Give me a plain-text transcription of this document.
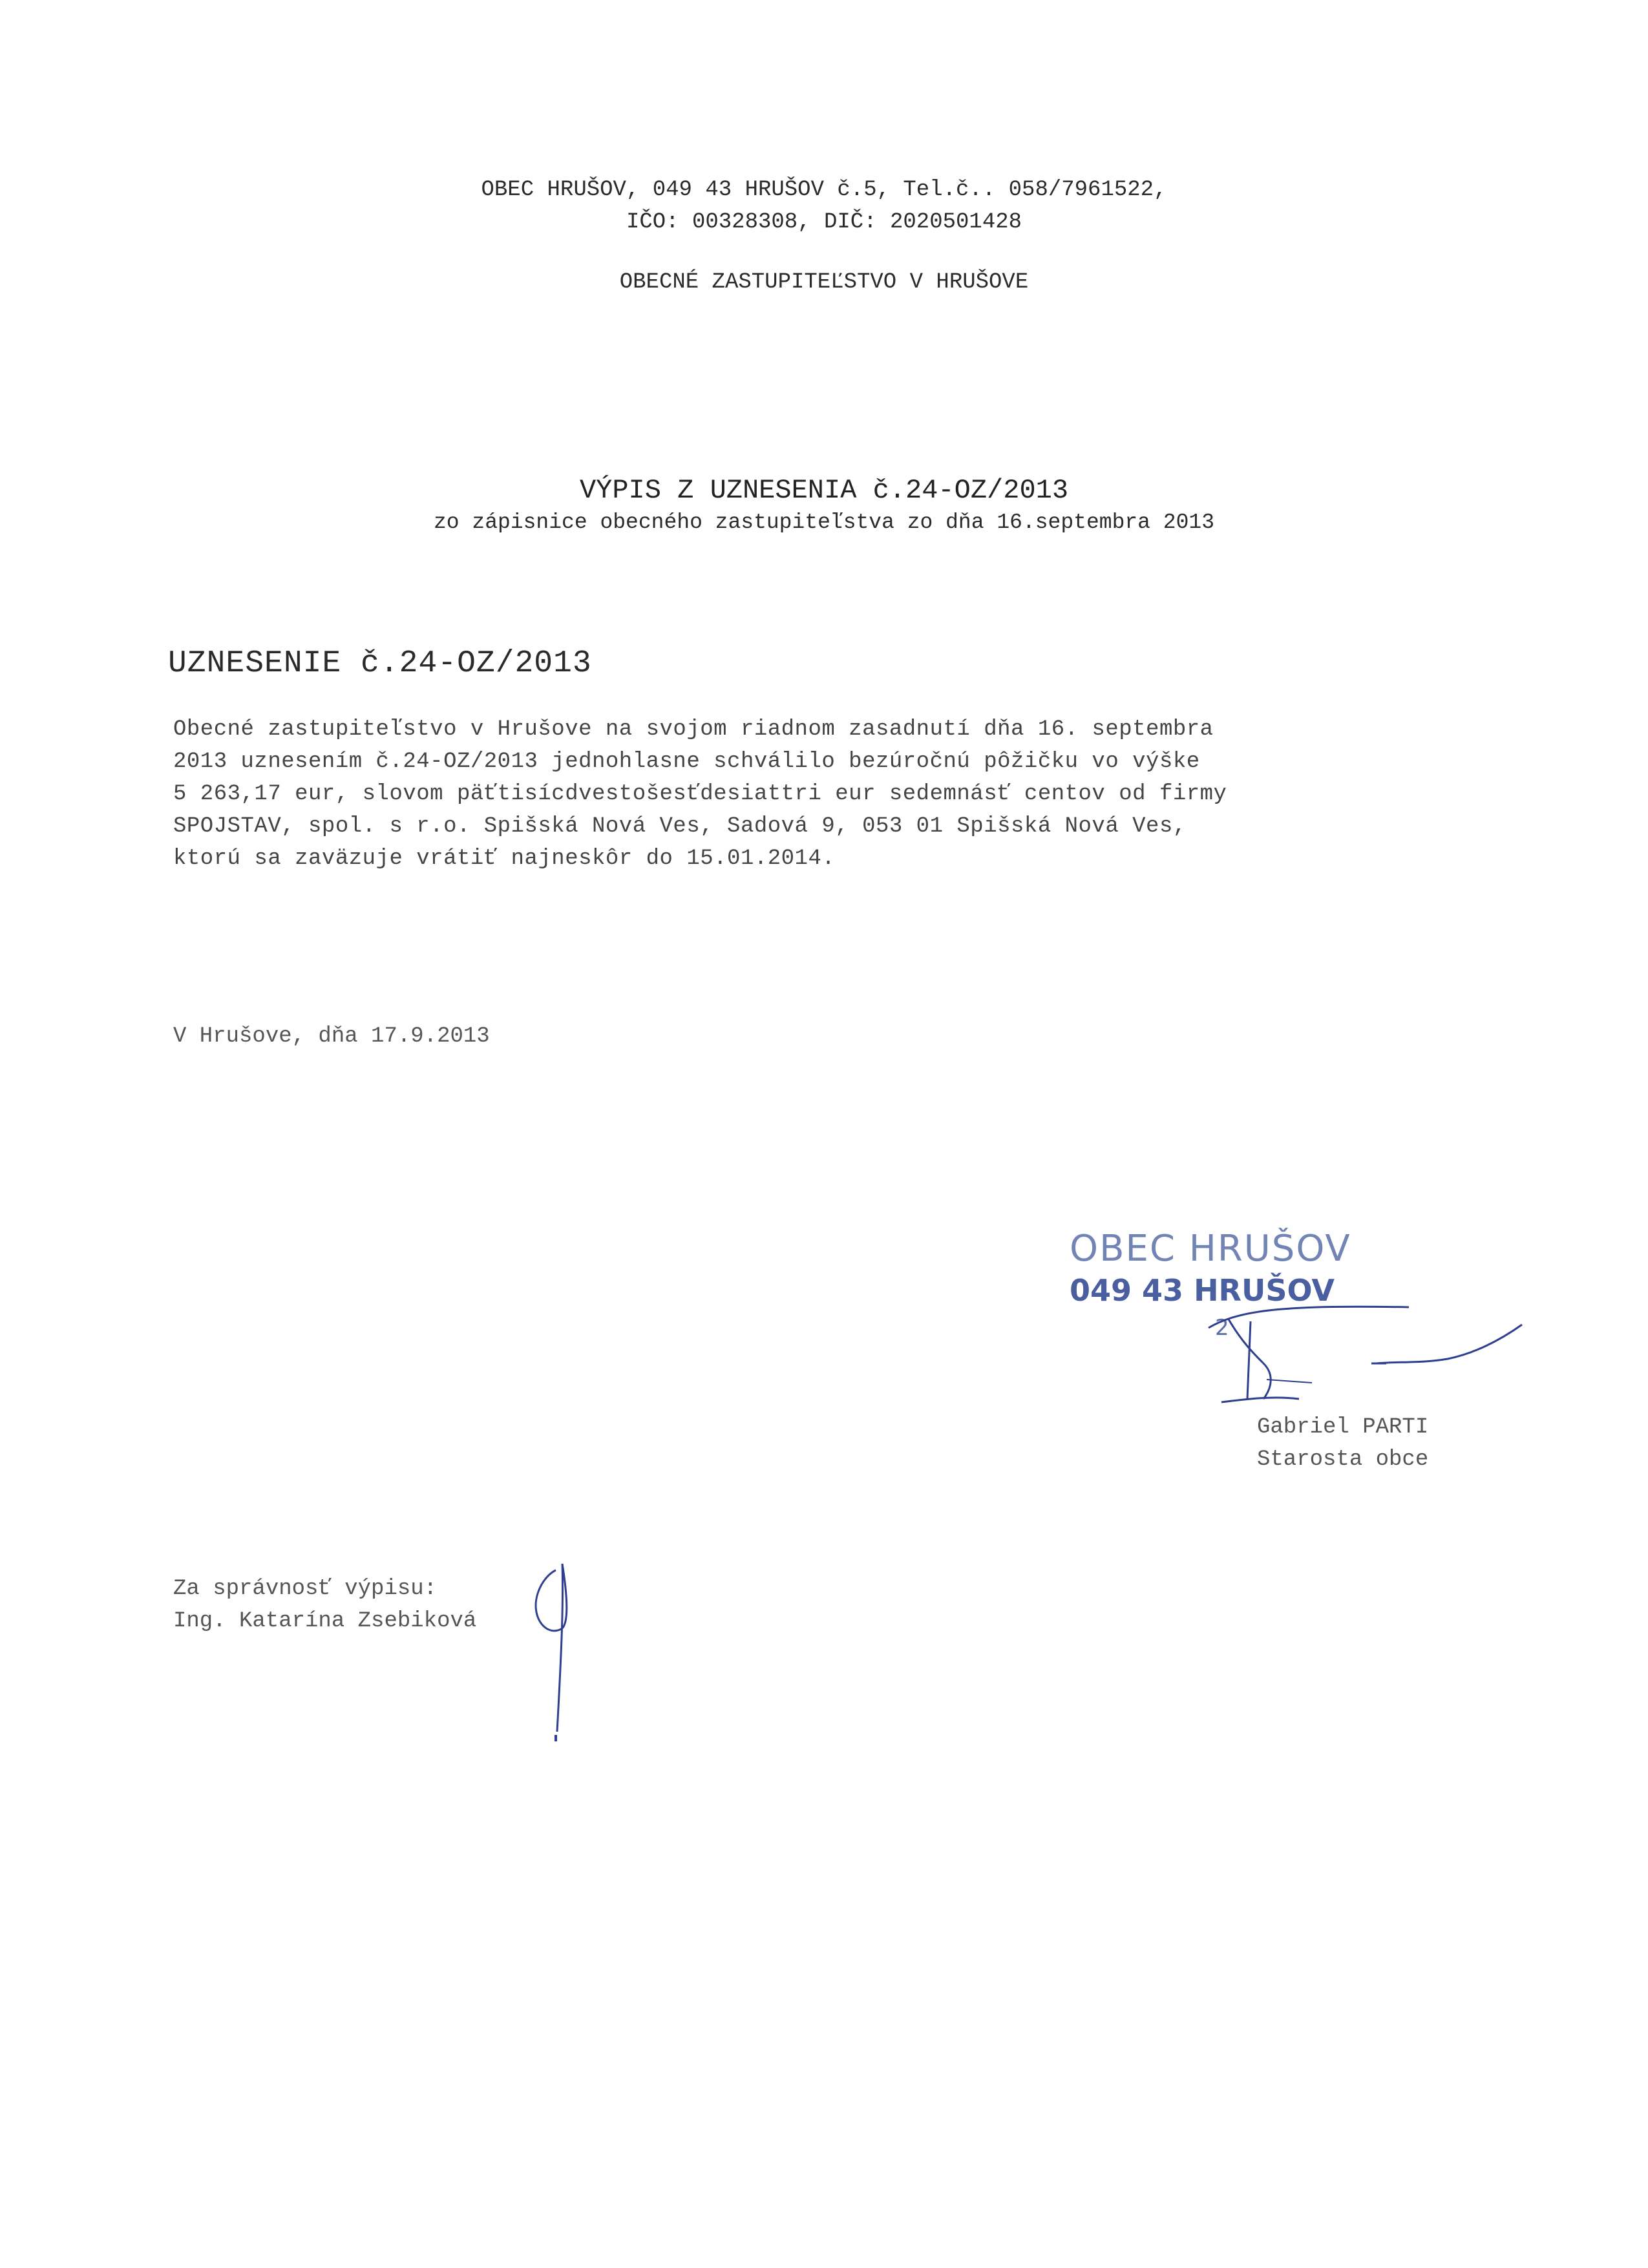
OBEC HRUŠOV, 049 43 HRUŠOV č.5, Tel.č.. 058/7961522,
IČO: 00328308, DIČ: 2020501428
OBECNÉ ZASTUPITEĽSTVO V HRUŠOVE
VÝPIS Z UZNESENIA č.24-OZ/2013
zo zápisnice obecného zastupiteľstva zo dňa 16.septembra 2013
UZNESENIE č.24-OZ/2013
Obecné zastupiteľstvo v Hrušove na svojom riadnom zasadnutí dňa 16. septembra
2013 uznesením č.24-OZ/2013 jednohlasne schválilo bezúročnú pôžičku vo výške
5 263,17 eur, slovom päťtisícdvestošesťdesiattri eur sedemnásť centov od firmy
SPOJSTAV, spol. s r.o. Spišská Nová Ves, Sadová 9, 053 01 Spišská Nová Ves,
ktorú sa zaväzuje vrátiť najneskôr do 15.01.2014.
V Hrušove, dňa 17.9.2013
OBEC HRUŠOV
049 43 HRUŠOV
2
Gabriel PARTI
Starosta obce
Za správnosť výpisu:
Ing. Katarína Zsebiková
